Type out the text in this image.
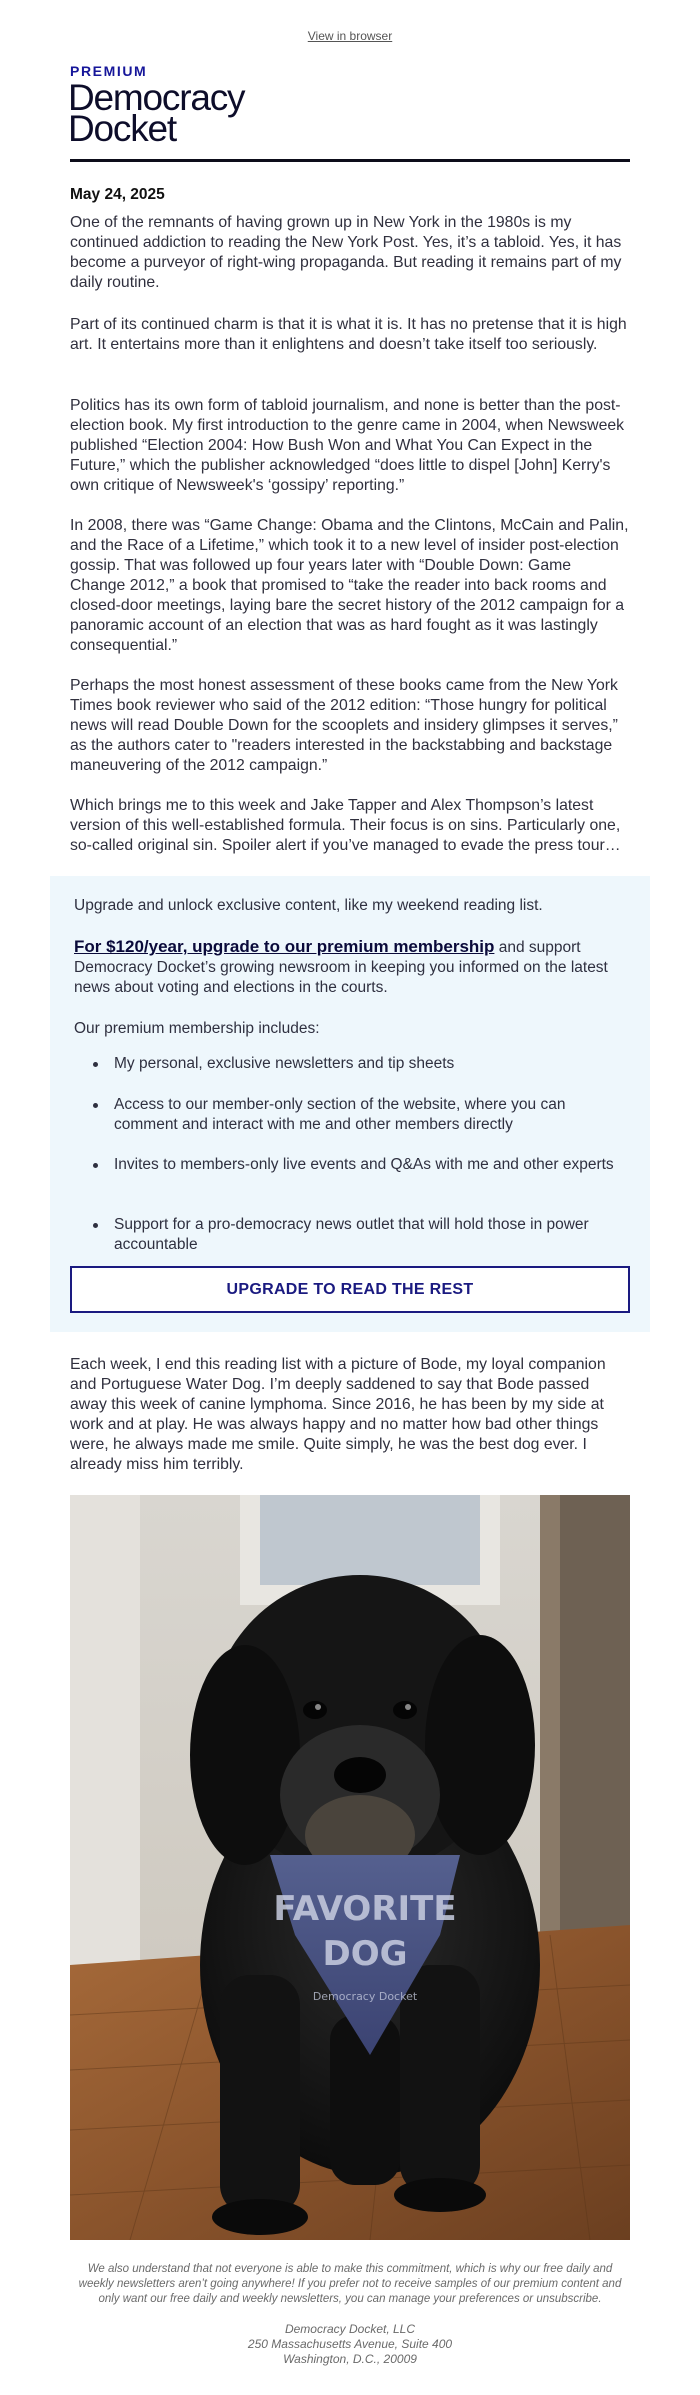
View in browser
PREMIUM
Democracy
Docket
May 24, 2025

One of the remnants of having grown up in New York in the 1980s is my continued addiction to reading the New York Post. Yes, it’s a tabloid. Yes, it has become a purveyor of right-wing propaganda. But reading it remains part of my daily routine.

Part of its continued charm is that it is what it is. It has no pretense that it is high art. It entertains more than it enlightens and doesn’t take itself too seriously.

Politics has its own form of tabloid journalism, and none is better than the post-election book. My first introduction to the genre came in 2004, when Newsweek published “Election 2004: How Bush Won and What You Can Expect in the Future,” which the publisher acknowledged “does little to dispel [John] Kerry's own critique of Newsweek's ‘gossipy’ reporting.”

In 2008, there was “Game Change: Obama and the Clintons, McCain and Palin, and the Race of a Lifetime,” which took it to a new level of insider post-election gossip. That was followed up four years later with “Double Down: Game Change 2012,” a book that promised to “take the reader into back rooms and closed-door meetings, laying bare the secret history of the 2012 campaign for a panoramic account of an election that was as hard fought as it was lastingly consequential.”

Perhaps the most honest assessment of these books came from the New York Times book reviewer who said of the 2012 edition: “Those hungry for political news will read Double Down for the scooplets and insidery glimpses it serves,” as the authors cater to "readers interested in the backstabbing and backstage maneuvering of the 2012 campaign.”

Which brings me to this week and Jake Tapper and Alex Thompson’s latest version of this well-established formula. Their focus is on sins. Particularly one, so-called original sin. Spoiler alert if you’ve managed to evade the press tour…

Upgrade and unlock exclusive content, like my weekend reading list.

For $120/year, upgrade to our premium membership and support Democracy Docket’s growing newsroom in keeping you informed on the latest news about voting and elections in the courts.

Our premium membership includes:

My personal, exclusive newsletters and tip sheets
Access to our member-only section of the website, where you can comment and interact with me and other members directly
Invites to members-only live events and Q&As with me and other experts
Support for a pro-democracy news outlet that will hold those in power accountable
UPGRADE TO READ THE REST

Each week, I end this reading list with a picture of Bode, my loyal companion and Portuguese Water Dog. I’m deeply saddened to say that Bode passed away this week of canine lymphoma. Since 2016, he has been by my side at work and at play. He was always happy and no matter how bad other things were, he always made me smile. Quite simply, he was the best dog ever. I already miss him terribly.

FAVORITE
DOG
Democracy Docket

We also understand that not everyone is able to make this commitment, which is why our free daily and weekly newsletters aren’t going anywhere! If you prefer not to receive samples of our premium content and only want our free daily and weekly newsletters, you can manage your preferences or unsubscribe.

Democracy Docket, LLC
250 Massachusetts Avenue, Suite 400
Washington, D.C., 20009
